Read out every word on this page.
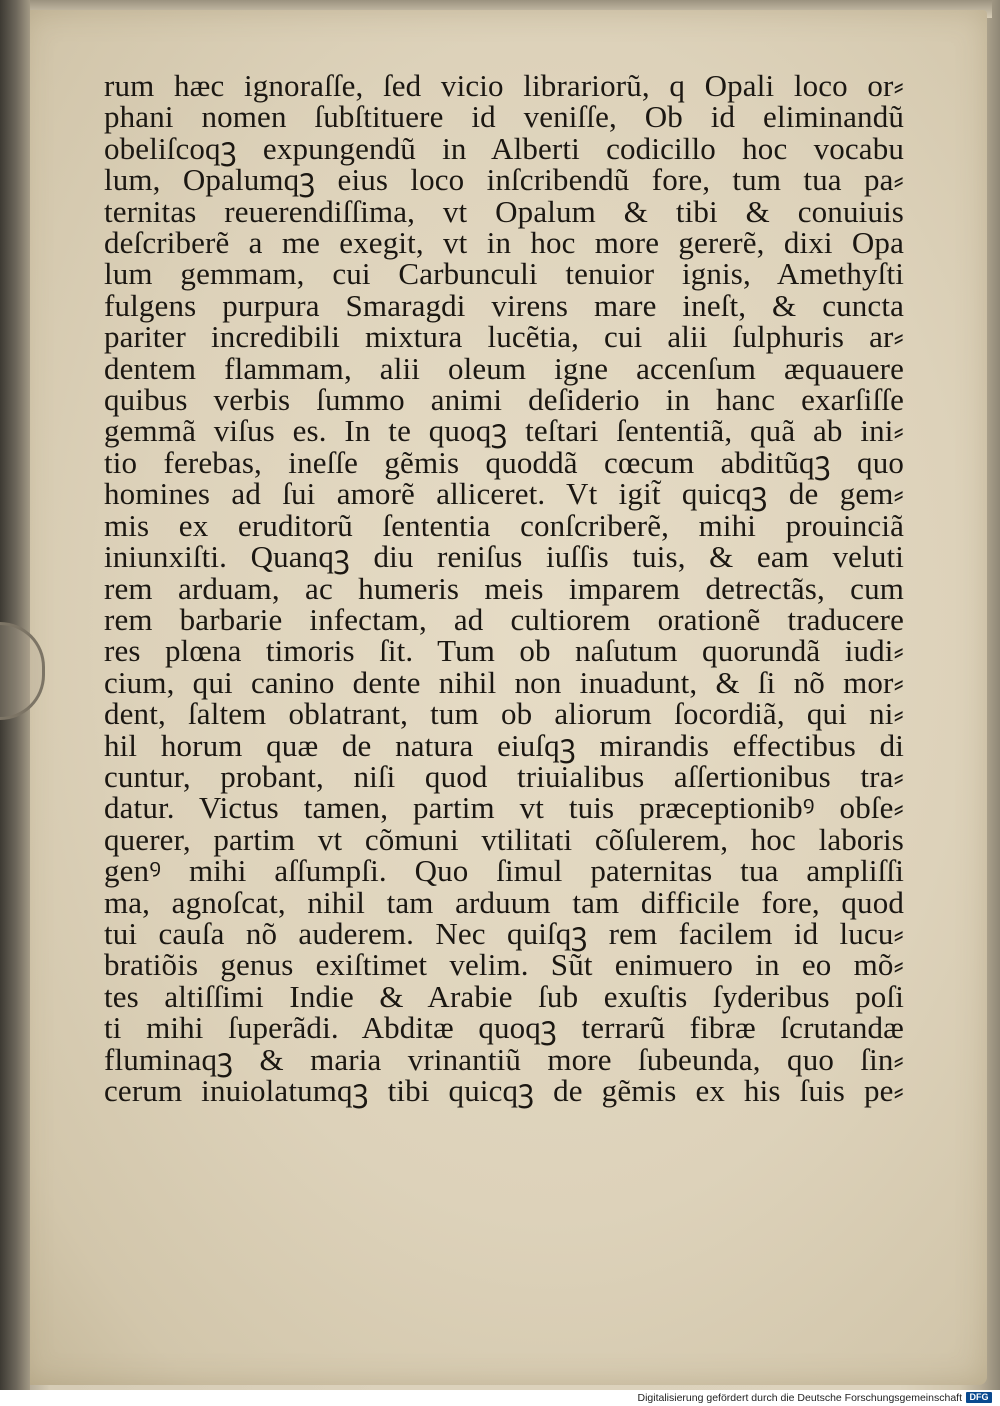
rum hæc ignoraſſe, ſed vicio librariorũ, q Opali loco or⸗
phani nomen ſubſtituere id veniſſe, Ob id eliminandũ
obeliſcoqꝫ expungendũ in Alberti codicillo hoc vocabu
lum, Opalumqꝫ eius loco inſcribendũ fore, tum tua pa⸗
ternitas reuerendiſſima, vt Opalum & tibi & conuiuis
deſcriberẽ a me exegit, vt in hoc more gererẽ, dixi Opa
lum gemmam, cui Carbunculi tenuior ignis, Amethyſti
fulgens purpura Smaragdi virens mare ineſt, & cuncta
pariter incredibili mixtura lucẽtia, cui alii ſulphuris ar⸗
dentem flammam, alii oleum igne accenſum æquauere
quibus verbis ſummo animi deſiderio in hanc exarſiſſe
gemmã viſus es. In te quoqꝫ teſtari ſententiã, quã ab ini⸗
tio ferebas, ineſſe gẽmis quoddã cœcum abditũqꝫ quo
homines ad ſui amorẽ alliceret. Vt igit̃ quicqꝫ de gem⸗
mis ex eruditorũ ſententia conſcriberẽ, mihi prouinciã
iniunxiſti. Quanqꝫ diu reniſus iuſſis tuis, & eam veluti
rem arduam, ac humeris meis imparem detrectãs, cum
rem barbarie infectam, ad cultiorem orationẽ traducere
res plœna timoris ſit. Tum ob naſutum quorundã iudi⸗
cium, qui canino dente nihil non inuadunt, & ſi nõ mor⸗
dent, ſaltem oblatrant, tum ob aliorum ſocordiã, qui ni⸗
hil horum quæ de natura eiuſqꝫ mirandis effectibus di
cuntur, probant, niſi quod triuialibus aſſertionibus tra⸗
datur. Victus tamen, partim vt tuis præceptionibꝰ obſe⸗
querer, partim vt cõmuni vtilitati cõſulerem, hoc laboris
genꝰ mihi aſſumpſi. Quo ſimul paternitas tua ampliſſi
ma, agnoſcat, nihil tam arduum tam difficile fore, quod
tui cauſa nõ auderem. Nec quiſqꝫ rem facilem id lucu⸗
bratiõis genus exiſtimet velim. Sũt enimuero in eo mõ⸗
tes altiſſimi Indie & Arabie ſub exuſtis ſyderibus poſi
ti mihi ſuperãdi. Abditæ quoqꝫ terrarũ fibræ ſcrutandæ
fluminaqꝫ & maria vrinantiũ more ſubeunda, quo ſin⸗
cerum inuiolatumqꝫ tibi quicqꝫ de gẽmis ex his ſuis pe⸗
Digitalisierung gefördert durch die Deutsche Forschungsgemeinschaft DFG
